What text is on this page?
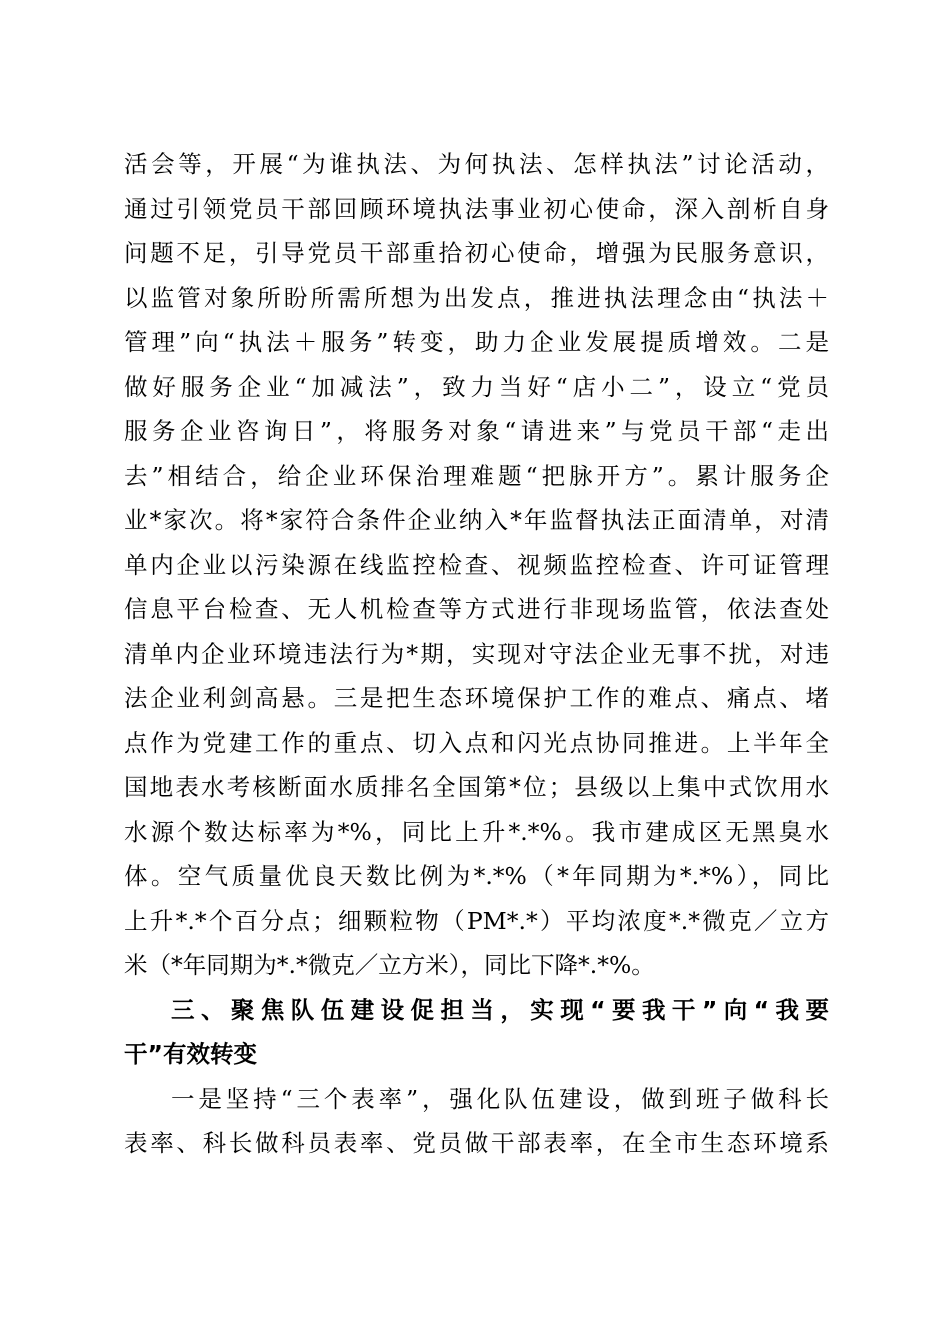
活会等，开展“为谁执法、为何执法、怎样执法”讨论活动，
通过引领党员干部回顾环境执法事业初心使命，深入剖析自身
问题不足，引导党员干部重拾初心使命，增强为民服务意识，
以监管对象所盼所需所想为出发点，推进执法理念由“执法＋
管理”向“执法＋服务”转变，助力企业发展提质增效。二是
做好服务企业“加减法”，致力当好“店小二”，设立“党员
服务企业咨询日”，将服务对象“请进来”与党员干部“走出
去”相结合，给企业环保治理难题“把脉开方”。累计服务企
业*家次。将*家符合条件企业纳入*年监督执法正面清单，对清
单内企业以污染源在线监控检查、视频监控检查、许可证管理
信息平台检查、无人机检查等方式进行非现场监管，依法查处
清单内企业环境违法行为*期，实现对守法企业无事不扰，对违
法企业利剑高悬。三是把生态环境保护工作的难点、痛点、堵
点作为党建工作的重点、切入点和闪光点协同推进。上半年全
国地表水考核断面水质排名全国第*位；县级以上集中式饮用水
水源个数达标率为*%，同比上升*.*%。我市建成区无黑臭水
体。空气质量优良天数比例为*.*%（*年同期为*.*%），同比
上升*.*个百分点；细颗粒物（PM*.*）平均浓度*.*微克／立方
米（*年同期为*.*微克／立方米），同比下降*.*%。
三、聚焦队伍建设促担当，实现“要我干”向“我要
干”有效转变
一是坚持“三个表率”，强化队伍建设，做到班子做科长
表率、科长做科员表率、党员做干部表率，在全市生态环境系
